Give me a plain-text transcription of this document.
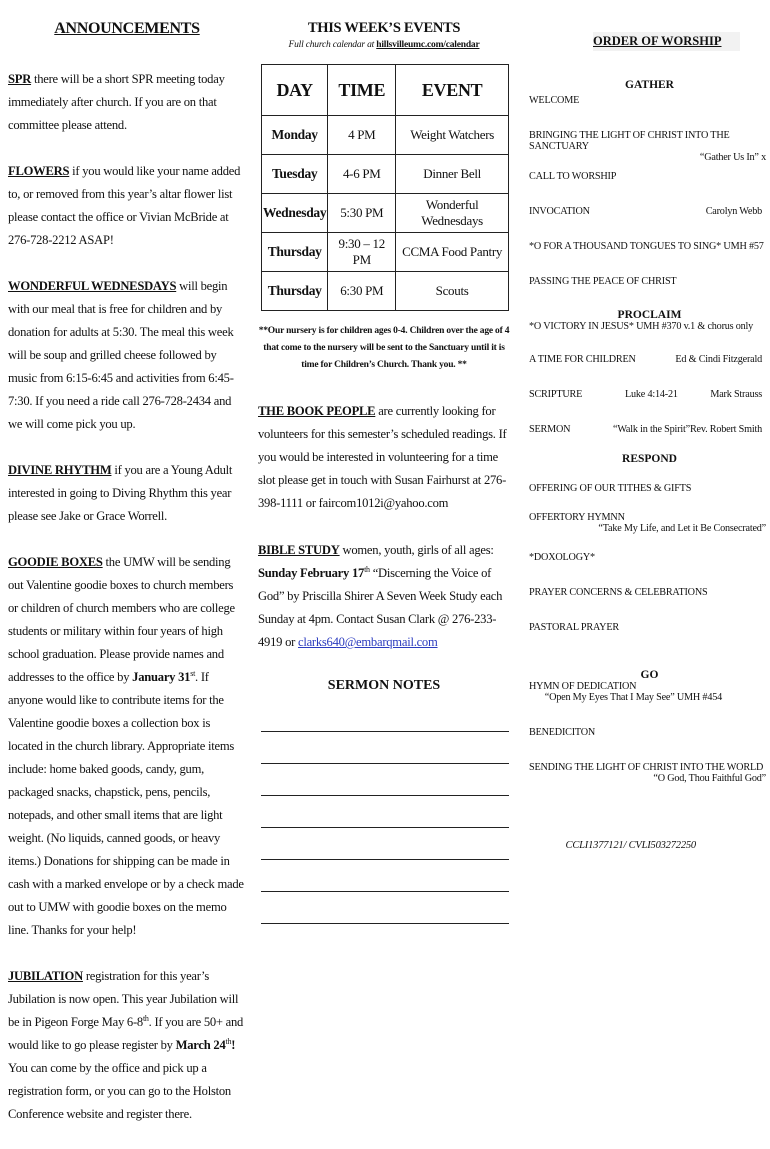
ANNOUNCEMENTS

SPR there will be a short SPR meeting today immediately after church. If you are on that committee please attend.

FLOWERS if you would like your name added to, or removed from this year’s altar flower list please contact the office or Vivian McBride at 276-728-2212 ASAP!

WONDERFUL WEDNESDAYS will begin with our meal that is free for children and by donation for adults at 5:30. The meal this week will be soup and grilled cheese followed by music from 6:15-6:45 and activities from 6:45-7:30. If you need a ride call 276-728-2434 and we will come pick you up.

DIVINE RHYTHM if you are a Young Adult interested in going to Diving Rhythm this year please see Jake or Grace Worrell.

GOODIE BOXES the UMW will be sending out Valentine goodie boxes to church members or children of church members who are college students or military within four years of high school graduation. Please provide names and addresses to the office by January 31st. If anyone would like to contribute items for the Valentine goodie boxes a collection box is located in the church library. Appropriate items include: home baked goods, candy, gum, packaged snacks, chapstick, pens, pencils, notepads, and other small items that are light weight. (No liquids, canned goods, or heavy items.) Donations for shipping can be made in cash with a marked envelope or by a check made out to UMW with goodie boxes on the memo line. Thanks for your help!

JUBILATION registration for this year’s Jubilation is now open. This year Jubilation will be in Pigeon Forge May 6-8th. If you are 50+ and would like to go please register by March 24th! You can come by the office and pick up a registration form, or you can go to the Holston Conference website and register there.

THIS WEEK’S EVENTS
Full church calendar at hillsvilleumc.com/calendar
DAY	TIME	EVENT
Monday	4 PM	Weight Watchers
Tuesday	4-6 PM	Dinner Bell
Wednesday	5:30 PM	Wonderful Wednesdays
Thursday	9:30 – 12 PM	CCMA Food Pantry
Thursday	6:30 PM	Scouts

**Our nursery is for children ages 0-4. Children over the age of 4 that come to the nursery will be sent to the Sanctuary until it is time for Children’s Church. Thank you. **

THE BOOK PEOPLE are currently looking for volunteers for this semester’s scheduled readings. If you would be interested in volunteering for a time slot please get in touch with Susan Fairhurst at 276-398-1111 or faircom1012i@yahoo.com

BIBLE STUDY women, youth, girls of all ages: Sunday February 17th “Discerning the Voice of God” by Priscilla Shirer A Seven Week Study each Sunday at 4pm. Contact Susan Clark @ 276-233-4919 or clarks640@embarqmail.com

SERMON NOTES
ORDER OF WORSHIP
GATHER
WELCOME
BRINGING THE LIGHT OF CHRIST INTO THE SANCTUARY
“Gather Us In” x
CALL TO WORSHIP
INVOCATION	Carolyn Webb
*O FOR A THOUSAND TONGUES TO SING* UMH #57
PASSING THE PEACE OF CHRIST
PROCLAIM
*O VICTORY IN JESUS* UMH #370 v.1 & chorus only
A TIME FOR CHILDREN	Ed & Cindi Fitzgerald
SCRIPTURE	Luke 4:14-21	Mark Strauss
SERMON	“Walk in the Spirit” Rev. Robert Smith
RESPOND
OFFERING OF OUR TITHES & GIFTS
OFFERTORY HYMNN
“Take My Life, and Let it Be Consecrated”
*DOXOLOGY*
PRAYER CONCERNS & CELEBRATIONS
PASTORAL PRAYER
GO
HYMN OF DEDICATION
“Open My Eyes That I May See” UMH #454
BENEDICITON
SENDING THE LIGHT OF CHRIST INTO THE WORLD
“O God, Thou Faithful God”
CCLI1377121/ CVLI503272250
